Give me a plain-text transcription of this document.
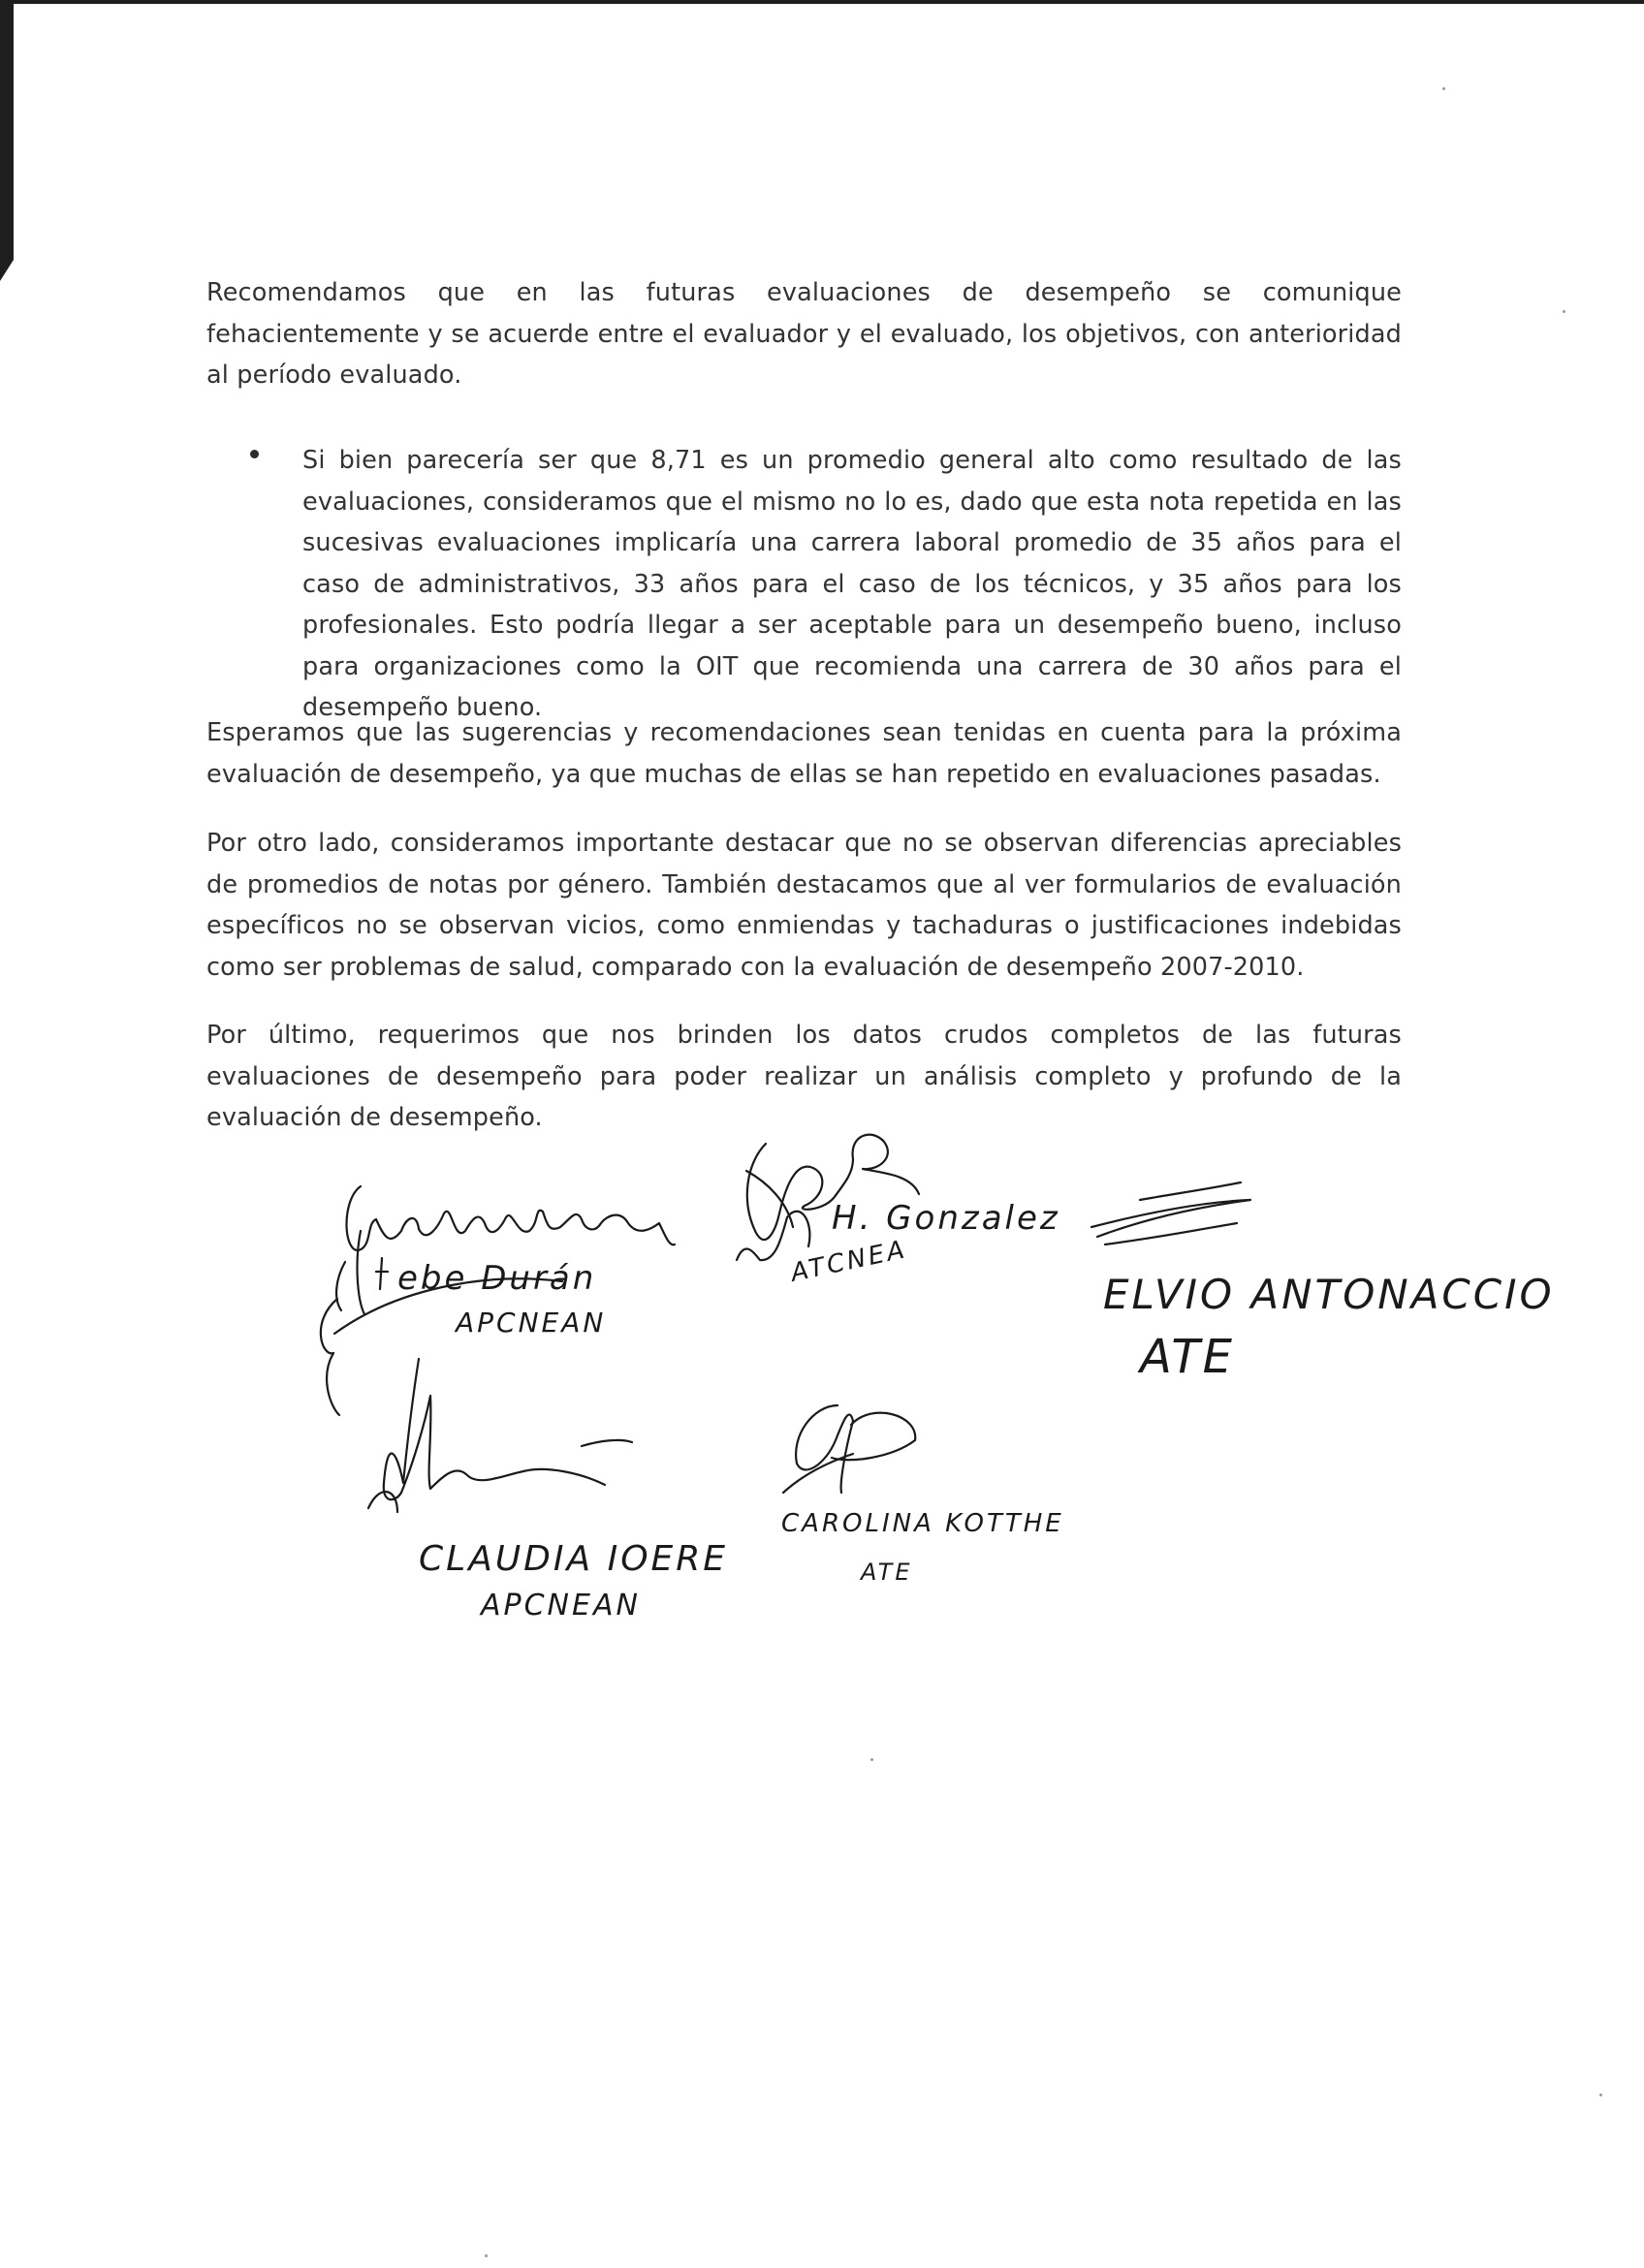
Recomendamos que en las futuras evaluaciones de desempeño se comunique fehacientemente y se acuerde entre el evaluador y el evaluado, los objetivos, con anterioridad al período evaluado.

Si bien parecería ser que 8,71 es un promedio general alto como resultado de las evaluaciones, consideramos que el mismo no lo es, dado que esta nota repetida en las sucesivas evaluaciones implicaría una carrera laboral promedio de 35 años para el caso de administrativos, 33 años para el caso de los técnicos, y 35 años para los profesionales. Esto podría llegar a ser aceptable para un desempeño bueno, incluso para organizaciones como la OIT que recomienda una carrera de 30 años para el desempeño bueno.

Esperamos que las sugerencias y recomendaciones sean tenidas en cuenta para la próxima evaluación de desempeño, ya que muchas de ellas se han repetido en evaluaciones pasadas.

Por otro lado, consideramos importante destacar que no se observan diferencias apreciables de promedios de notas por género. También destacamos que al ver formularios de evaluación específicos no se observan vicios, como enmiendas y tachaduras o justificaciones indebidas como ser problemas de salud, comparado con la evaluación de desempeño 2007-2010.

Por último, requerimos que nos brinden los datos crudos completos de las futuras evaluaciones de desempeño para poder realizar un análisis completo y profundo de la evaluación de desempeño.

ebe Durán
APCNEAN
H. Gonzalez
ATCNEA
ELVIO ANTONACCIO
ATE
CLAUDIA IOERE
APCNEAN
CAROLINA KOTTHE
ATE
